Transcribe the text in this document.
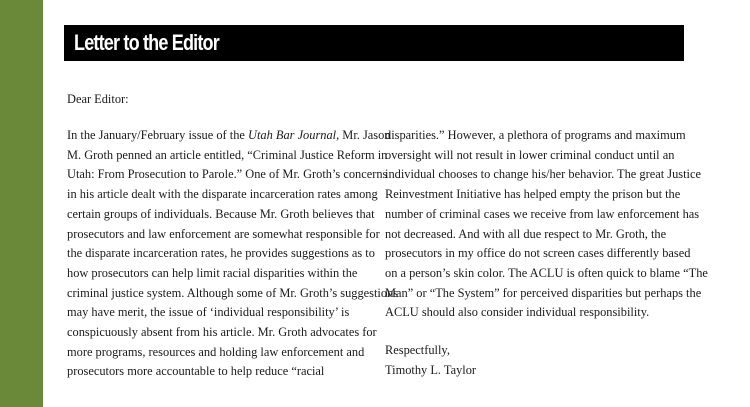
Letter to the Editor
Dear Editor:
In the January/February issue of the Utah Bar Journal, Mr. Jason
M. Groth penned an article entitled, “Criminal Justice Reform in
Utah: From Prosecution to Parole.” One of Mr. Groth’s concerns
in his article dealt with the disparate incarceration rates among
certain groups of individuals. Because Mr. Groth believes that
prosecutors and law enforcement are somewhat responsible for
the disparate incarceration rates, he provides suggestions as to
how prosecutors can help limit racial disparities within the
criminal justice system. Although some of Mr. Groth’s suggestions
may have merit, the issue of ‘individual responsibility’ is
conspicuously absent from his article. Mr. Groth advocates for
more programs, resources and holding law enforcement and
prosecutors more accountable to help reduce “racial
disparities.” However, a plethora of programs and maximum
oversight will not result in lower criminal conduct until an
individual chooses to change his/her behavior. The great Justice
Reinvestment Initiative has helped empty the prison but the
number of criminal cases we receive from law enforcement has
not decreased. And with all due respect to Mr. Groth, the
prosecutors in my office do not screen cases differently based
on a person’s skin color. The ACLU is often quick to blame “The
Man” or “The System” for perceived disparities but perhaps the
ACLU should also consider individual responsibility.
Respectfully,
Timothy L. Taylor
